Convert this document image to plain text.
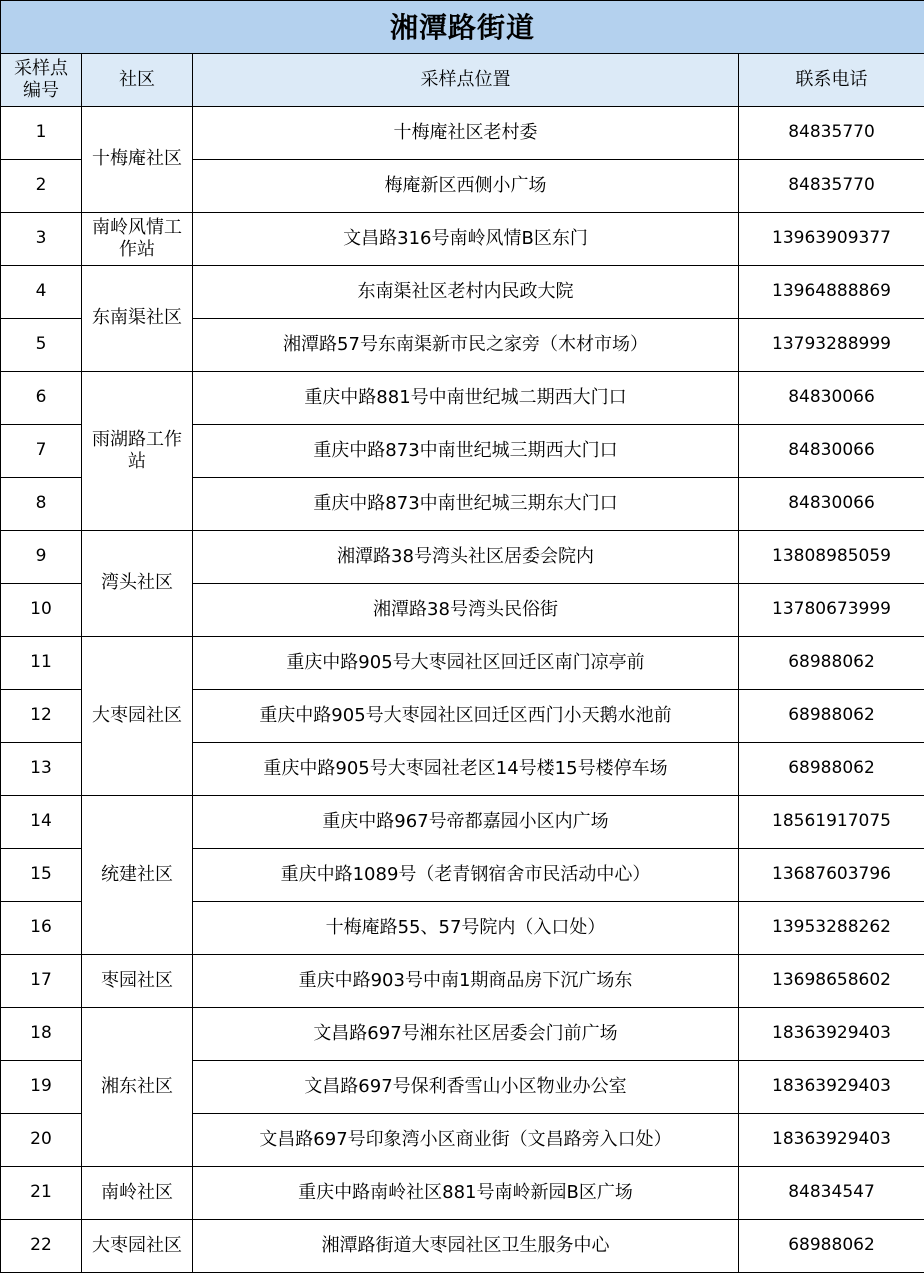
湘潭路街道			
采样点编号	社区	采样点位置	联系电话
1	十梅庵社区	十梅庵社区老村委	84835770
2		梅庵新区西侧小广场	84835770
3	南岭风情工作站	文昌路316号南岭风情B区东门	13963909377
4	东南渠社区	东南渠社区老村内民政大院	13964888869
5		湘潭路57号东南渠新市民之家旁（木材市场）	13793288999
6	雨湖路工作站	重庆中路881号中南世纪城二期西大门口	84830066
7		重庆中路873中南世纪城三期西大门口	84830066
8		重庆中路873中南世纪城三期东大门口	84830066
9	湾头社区	湘潭路38号湾头社区居委会院内	13808985059
10		湘潭路38号湾头民俗街	13780673999
11	大枣园社区	重庆中路905号大枣园社区回迁区南门凉亭前	68988062
12		重庆中路905号大枣园社区回迁区西门小天鹅水池前	68988062
13		重庆中路905号大枣园社老区14号楼15号楼停车场	68988062
14	统建社区	重庆中路967号帝都嘉园小区内广场	18561917075
15		重庆中路1089号（老青钢宿舍市民活动中心）	13687603796
16		十梅庵路55、57号院内（入口处）	13953288262
17	枣园社区	重庆中路903号中南1期商品房下沉广场东	13698658602
18	湘东社区	文昌路697号湘东社区居委会门前广场	18363929403
19		文昌路697号保利香雪山小区物业办公室	18363929403
20		文昌路697号印象湾小区商业街（文昌路旁入口处）	18363929403
21	南岭社区	重庆中路南岭社区881号南岭新园B区广场	84834547
22	大枣园社区	湘潭路街道大枣园社区卫生服务中心	68988062
